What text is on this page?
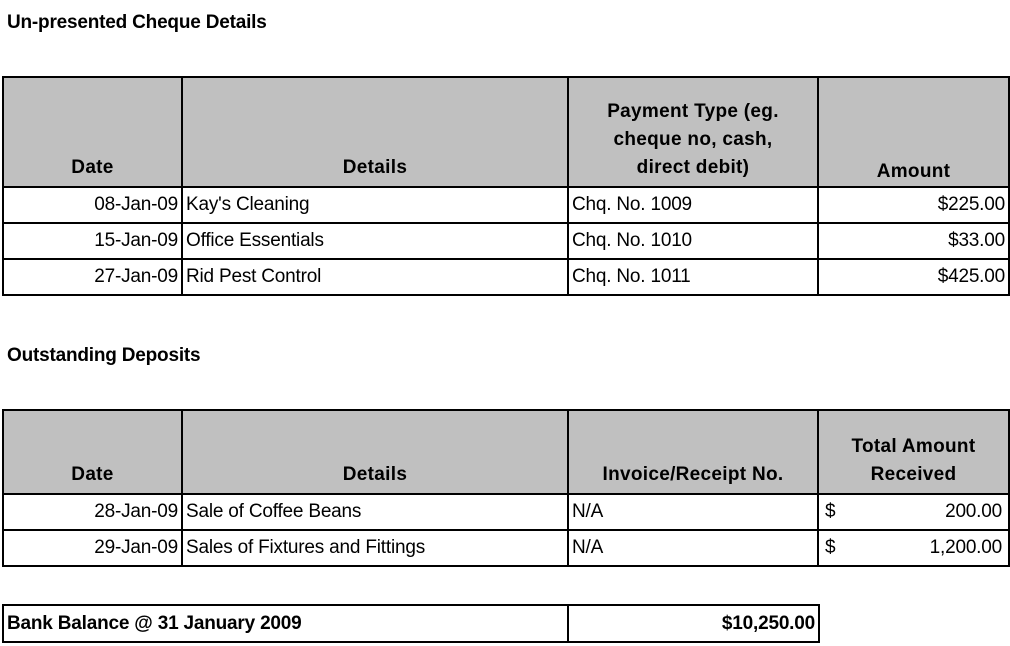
Un-presented Cheque Details
Date	Details	Payment Type (eg. cheque no, cash, direct debit)	Amount
08-Jan-09	Kay's Cleaning	Chq. No. 1009	$225.00
15-Jan-09	Office Essentials	Chq. No. 1010	$33.00
27-Jan-09	Rid Pest Control	Chq. No. 1011	$425.00
Outstanding Deposits
Date	Details	Invoice/Receipt No.	Total Amount Received
28-Jan-09	Sale of Coffee Beans	N/A	$ 200.00

29-Jan-09	Sales of Fixtures and Fittings	N/A	$ 1,200.00
Bank Balance @ 31 January 2009	$10,250.00
